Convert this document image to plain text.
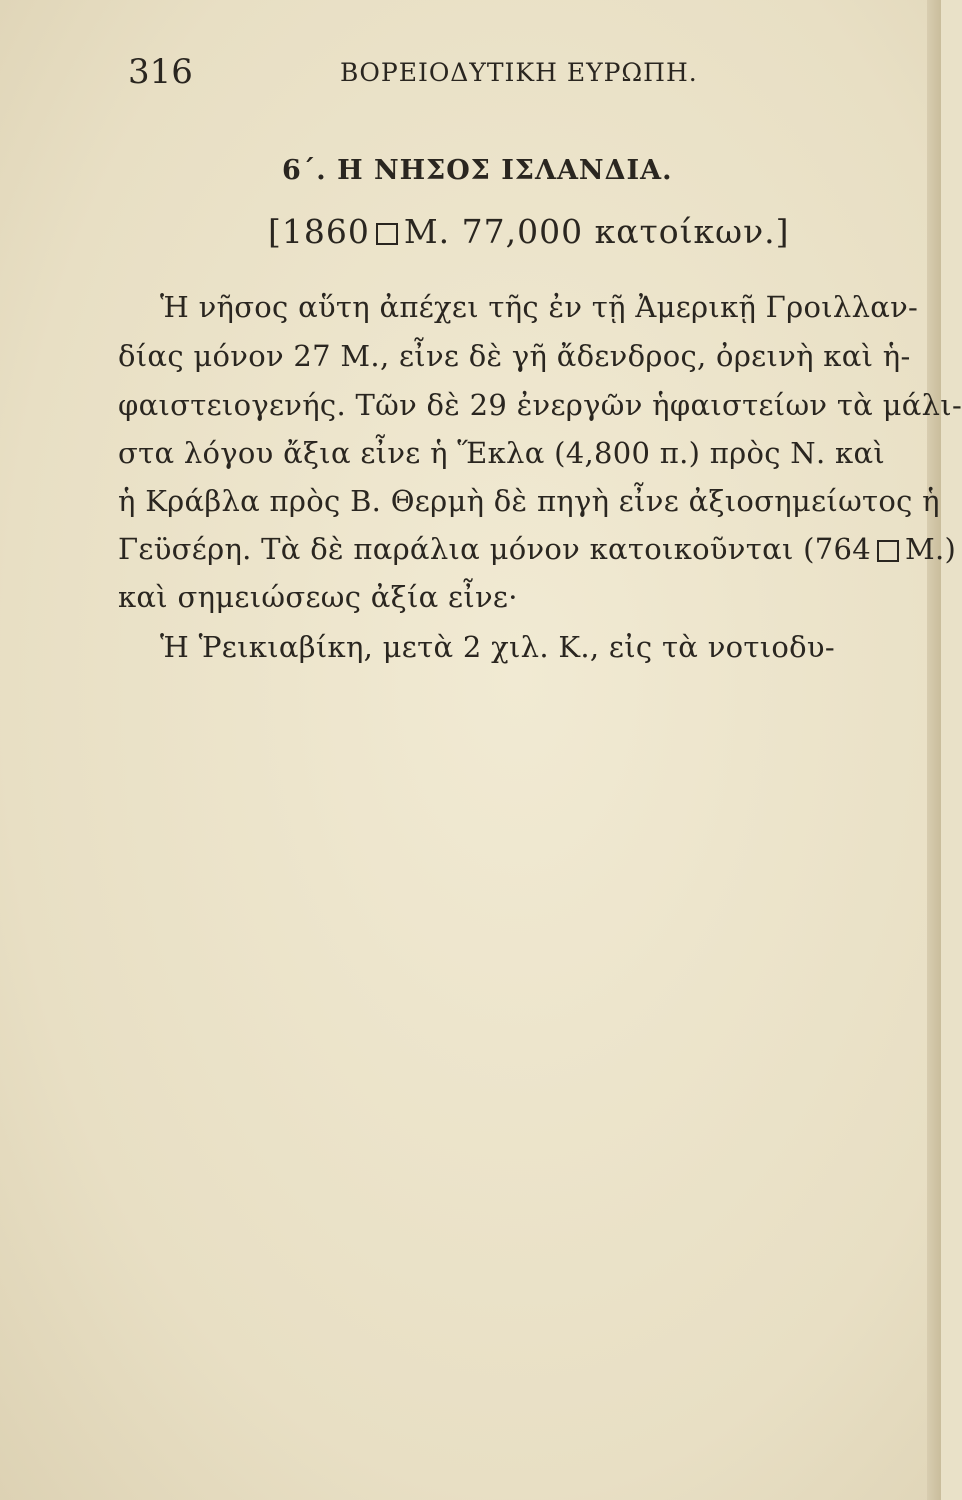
316	ΒΟΡΕΙΟΔΥΤΙΚΗ ΕΥΡΩΠΗ.
6΄. Η ΝΗΣΟΣ ΙΣΛΑΝΔΙΑ.
[1860 Μ. 77,000 κατοίκων.]
Ἡ νῆσος αὕτη ἀπέχει τῆς ἐν τῇ Ἀμερικῇ Γροιλλαν-
δίας μόνον 27 Μ., εἶνε δὲ γῆ ἄδενδρος, ὀρεινὴ καὶ ἡ-
φαιστειογενής. Τῶν δὲ 29 ἐνεργῶν ἡφαιστείων τὰ μάλι-
στα λόγου ἄξια εἶνε ἡ Ἕκλα (4,800 π.) πρὸς Ν. καὶ
ἡ Κράβλα πρὸς Β. Θερμὴ δὲ πηγὴ εἶνε ἀξιοσημείωτος ἡ
Γεϋσέρη. Τὰ δὲ παράλια μόνον κατοικοῦνται (764 Μ.)
καὶ σημειώσεως ἀξία εἶνε·
Ἡ Ῥεικιαβίκη, μετὰ 2 χιλ. Κ., εἰς τὰ νοτιοδυ-
